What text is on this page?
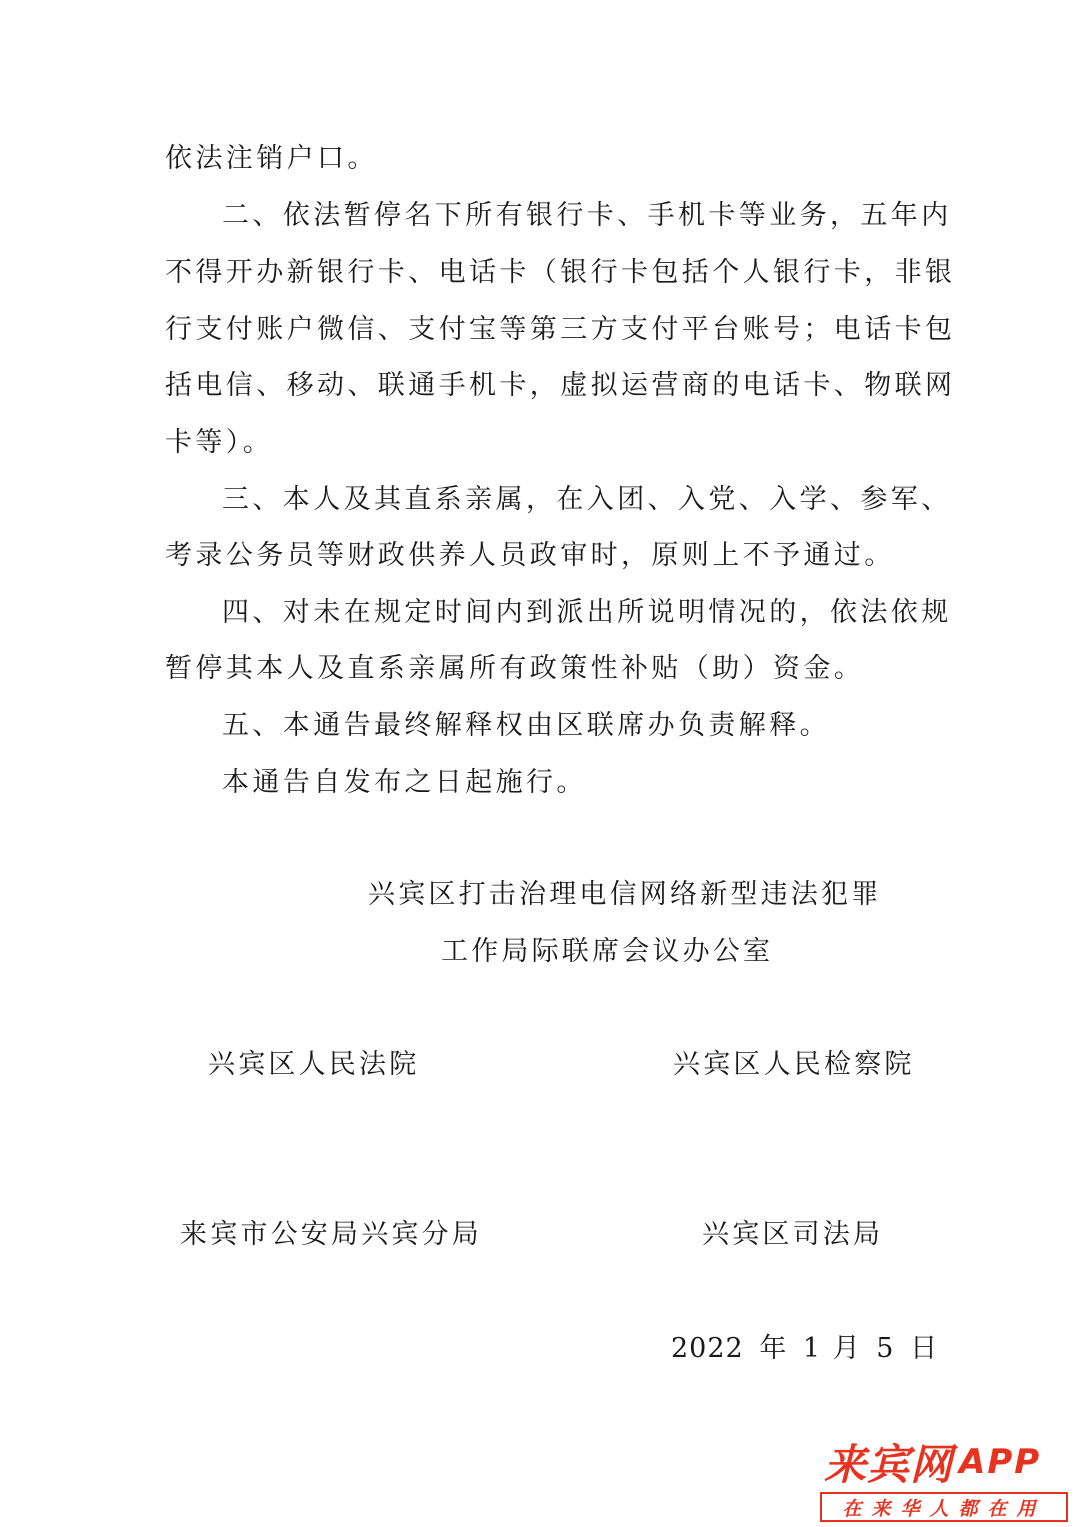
依法注销户口。
二、依法暂停名下所有银行卡、手机卡等业务，五年内
不得开办新银行卡、电话卡（银行卡包括个人银行卡，非银
行支付账户微信、支付宝等第三方支付平台账号；电话卡包
括电信、移动、联通手机卡，虚拟运营商的电话卡、物联网
卡等）。
三、本人及其直系亲属，在入团、入党、入学、参军、
考录公务员等财政供养人员政审时，原则上不予通过。
四、对未在规定时间内到派出所说明情况的，依法依规
暂停其本人及直系亲属所有政策性补贴（助）资金。
五、本通告最终解释权由区联席办负责解释。
本通告自发布之日起施行。
兴宾区打击治理电信网络新型违法犯罪
工作局际联席会议办公室
兴宾区人民法院	兴宾区人民检察院
来宾市公安局兴宾分局	兴宾区司法局
2022 年 1 月 5 日
来宾网 APP
在来华人都在用
